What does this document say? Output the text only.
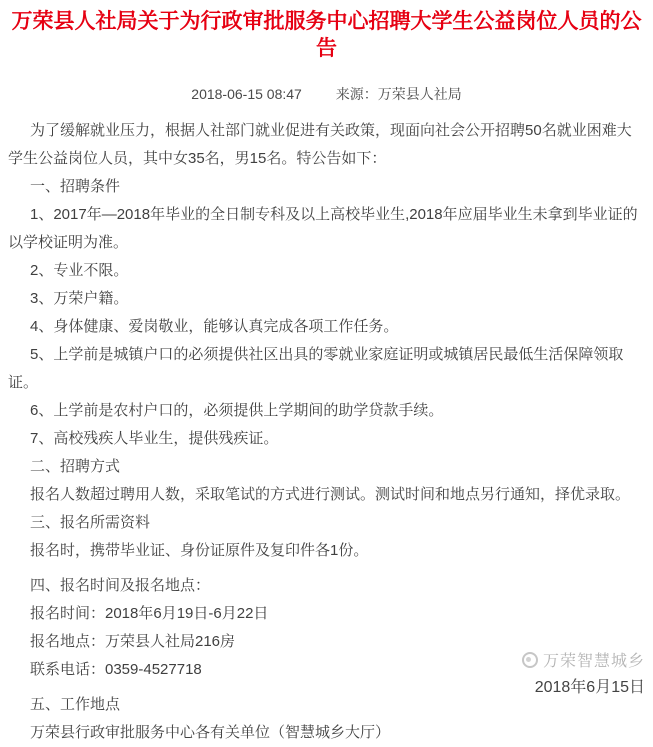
万荣县人社局关于为行政审批服务中心招聘大学生公益岗位人员的公告
2018-06-15 08:47 来源：万荣县人社局

为了缓解就业压力，根据人社部门就业促进有关政策，现面向社会公开招聘50名就业困难大学生公益岗位人员，其中女35名，男15名。特公告如下：

一、招聘条件

1、2017年—2018年毕业的全日制专科及以上高校毕业生,2018年应届毕业生未拿到毕业证的以学校证明为准。

2、专业不限。

3、万荣户籍。

4、身体健康、爱岗敬业，能够认真完成各项工作任务。

5、上学前是城镇户口的必须提供社区出具的零就业家庭证明或城镇居民最低生活保障领取证。

6、上学前是农村户口的，必须提供上学期间的助学贷款手续。

7、高校残疾人毕业生，提供残疾证。

二、招聘方式

报名人数超过聘用人数，采取笔试的方式进行测试。测试时间和地点另行通知，择优录取。

三、报名所需资料

报名时，携带毕业证、身份证原件及复印件各1份。

四、报名时间及报名地点：

报名时间：2018年6月19日-6月22日

报名地点：万荣县人社局216房

联系电话：0359-4527718

五、工作地点

万荣县行政审批服务中心各有关单位（智慧城乡大厅）

万荣智慧城乡
2018年6月15日
